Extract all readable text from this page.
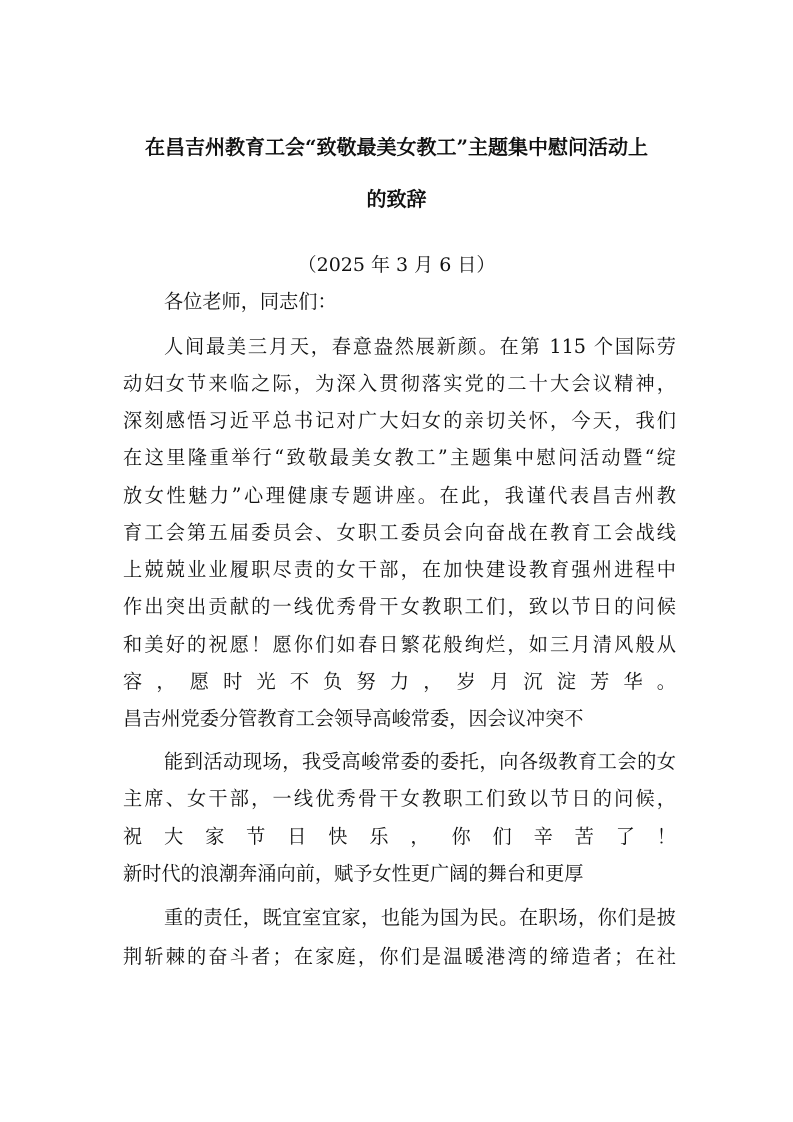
在昌吉州教育工会“致敬最美女教工”主题集中慰问活动上
的致辞
（2025 年 3 月 6 日）
各位老师，同志们：
人间最美三月天，春意盎然展新颜。在第 115 个国际劳
动妇女节来临之际，为深入贯彻落实党的二十大会议精神，
深刻感悟习近平总书记对广大妇女的亲切关怀，今天，我们
在这里隆重举行“致敬最美女教工”主题集中慰问活动暨“绽
放女性魅力”心理健康专题讲座。在此，我谨代表昌吉州教
育工会第五届委员会、女职工委员会向奋战在教育工会战线
上兢兢业业履职尽责的女干部，在加快建设教育强州进程中
作出突出贡献的一线优秀骨干女教职工们，致以节日的问候
和美好的祝愿！愿你们如春日繁花般绚烂，如三月清风般从
容，愿时光不负努力，岁月沉淀芳华。
昌吉州党委分管教育工会领导高峻常委，因会议冲突不
能到活动现场，我受高峻常委的委托，向各级教育工会的女
主席、女干部，一线优秀骨干女教职工们致以节日的问候，
祝大家节日快乐，你们辛苦了！
新时代的浪潮奔涌向前，赋予女性更广阔的舞台和更厚
重的责任，既宜室宜家，也能为国为民。在职场，你们是披
荆斩棘的奋斗者；在家庭，你们是温暖港湾的缔造者；在社
